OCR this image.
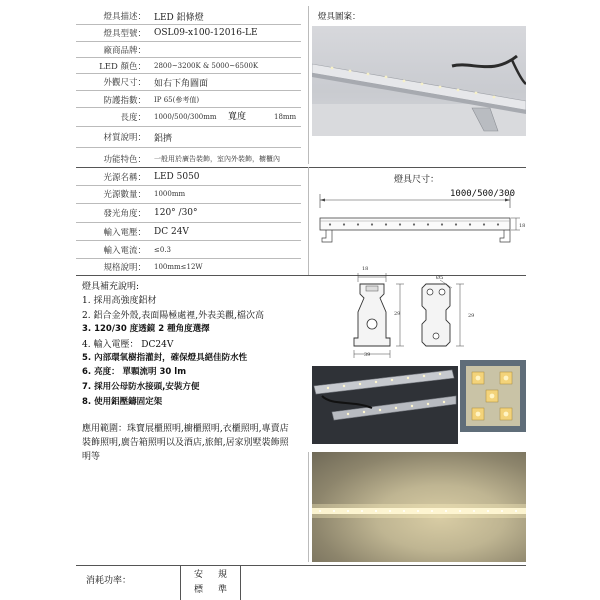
燈具描述： LED 鋁條燈
燈具型號： OSL09-x100-12016-LE
廠商品牌：
LED 顏色： 2800~3200K & 5000~6500K
外觀尺寸： 如右下角圖面
防護指數： IP 65(參考值)
長度： 1000/500/300mm 寬度	18mm
材質說明： 鋁擠
功能特色： 一般用於廣告裝飾，室內外裝飾，櫥櫃內
燈具圖案：
光源名稱： LED 5050
光源數量： 1000mm
發光角度： 120° /30°
輸入電壓： DC 24V
輸入電流： ≤0.3
規格說明： 100mm≤12W
燈具尺寸：
1000/500/300
18
燈具補充說明:
1. 採用高強度鋁材
2. 鋁合金外殼,表面陽極處裡,外表美觀,檔次高
3. 120/30 度透鏡 2 種角度選擇
4. 輸入電壓： DC24V
5. 內部環氧樹指灌封，確保燈具絕佳防水性
6. 亮度： 單顆流明 30 lm
7. 採用公母防水接頭,安裝方便
8. 使用鋁壓鑄固定架
應用範圍：珠寶展櫃照明,櫥櫃照明,衣櫃照明,專賣店
裝飾照明,廣告箱照明以及酒店,旅館,居家別墅裝飾照
明等
18
29
39
Ø5
29
消耗功率：
安 規
標 準
